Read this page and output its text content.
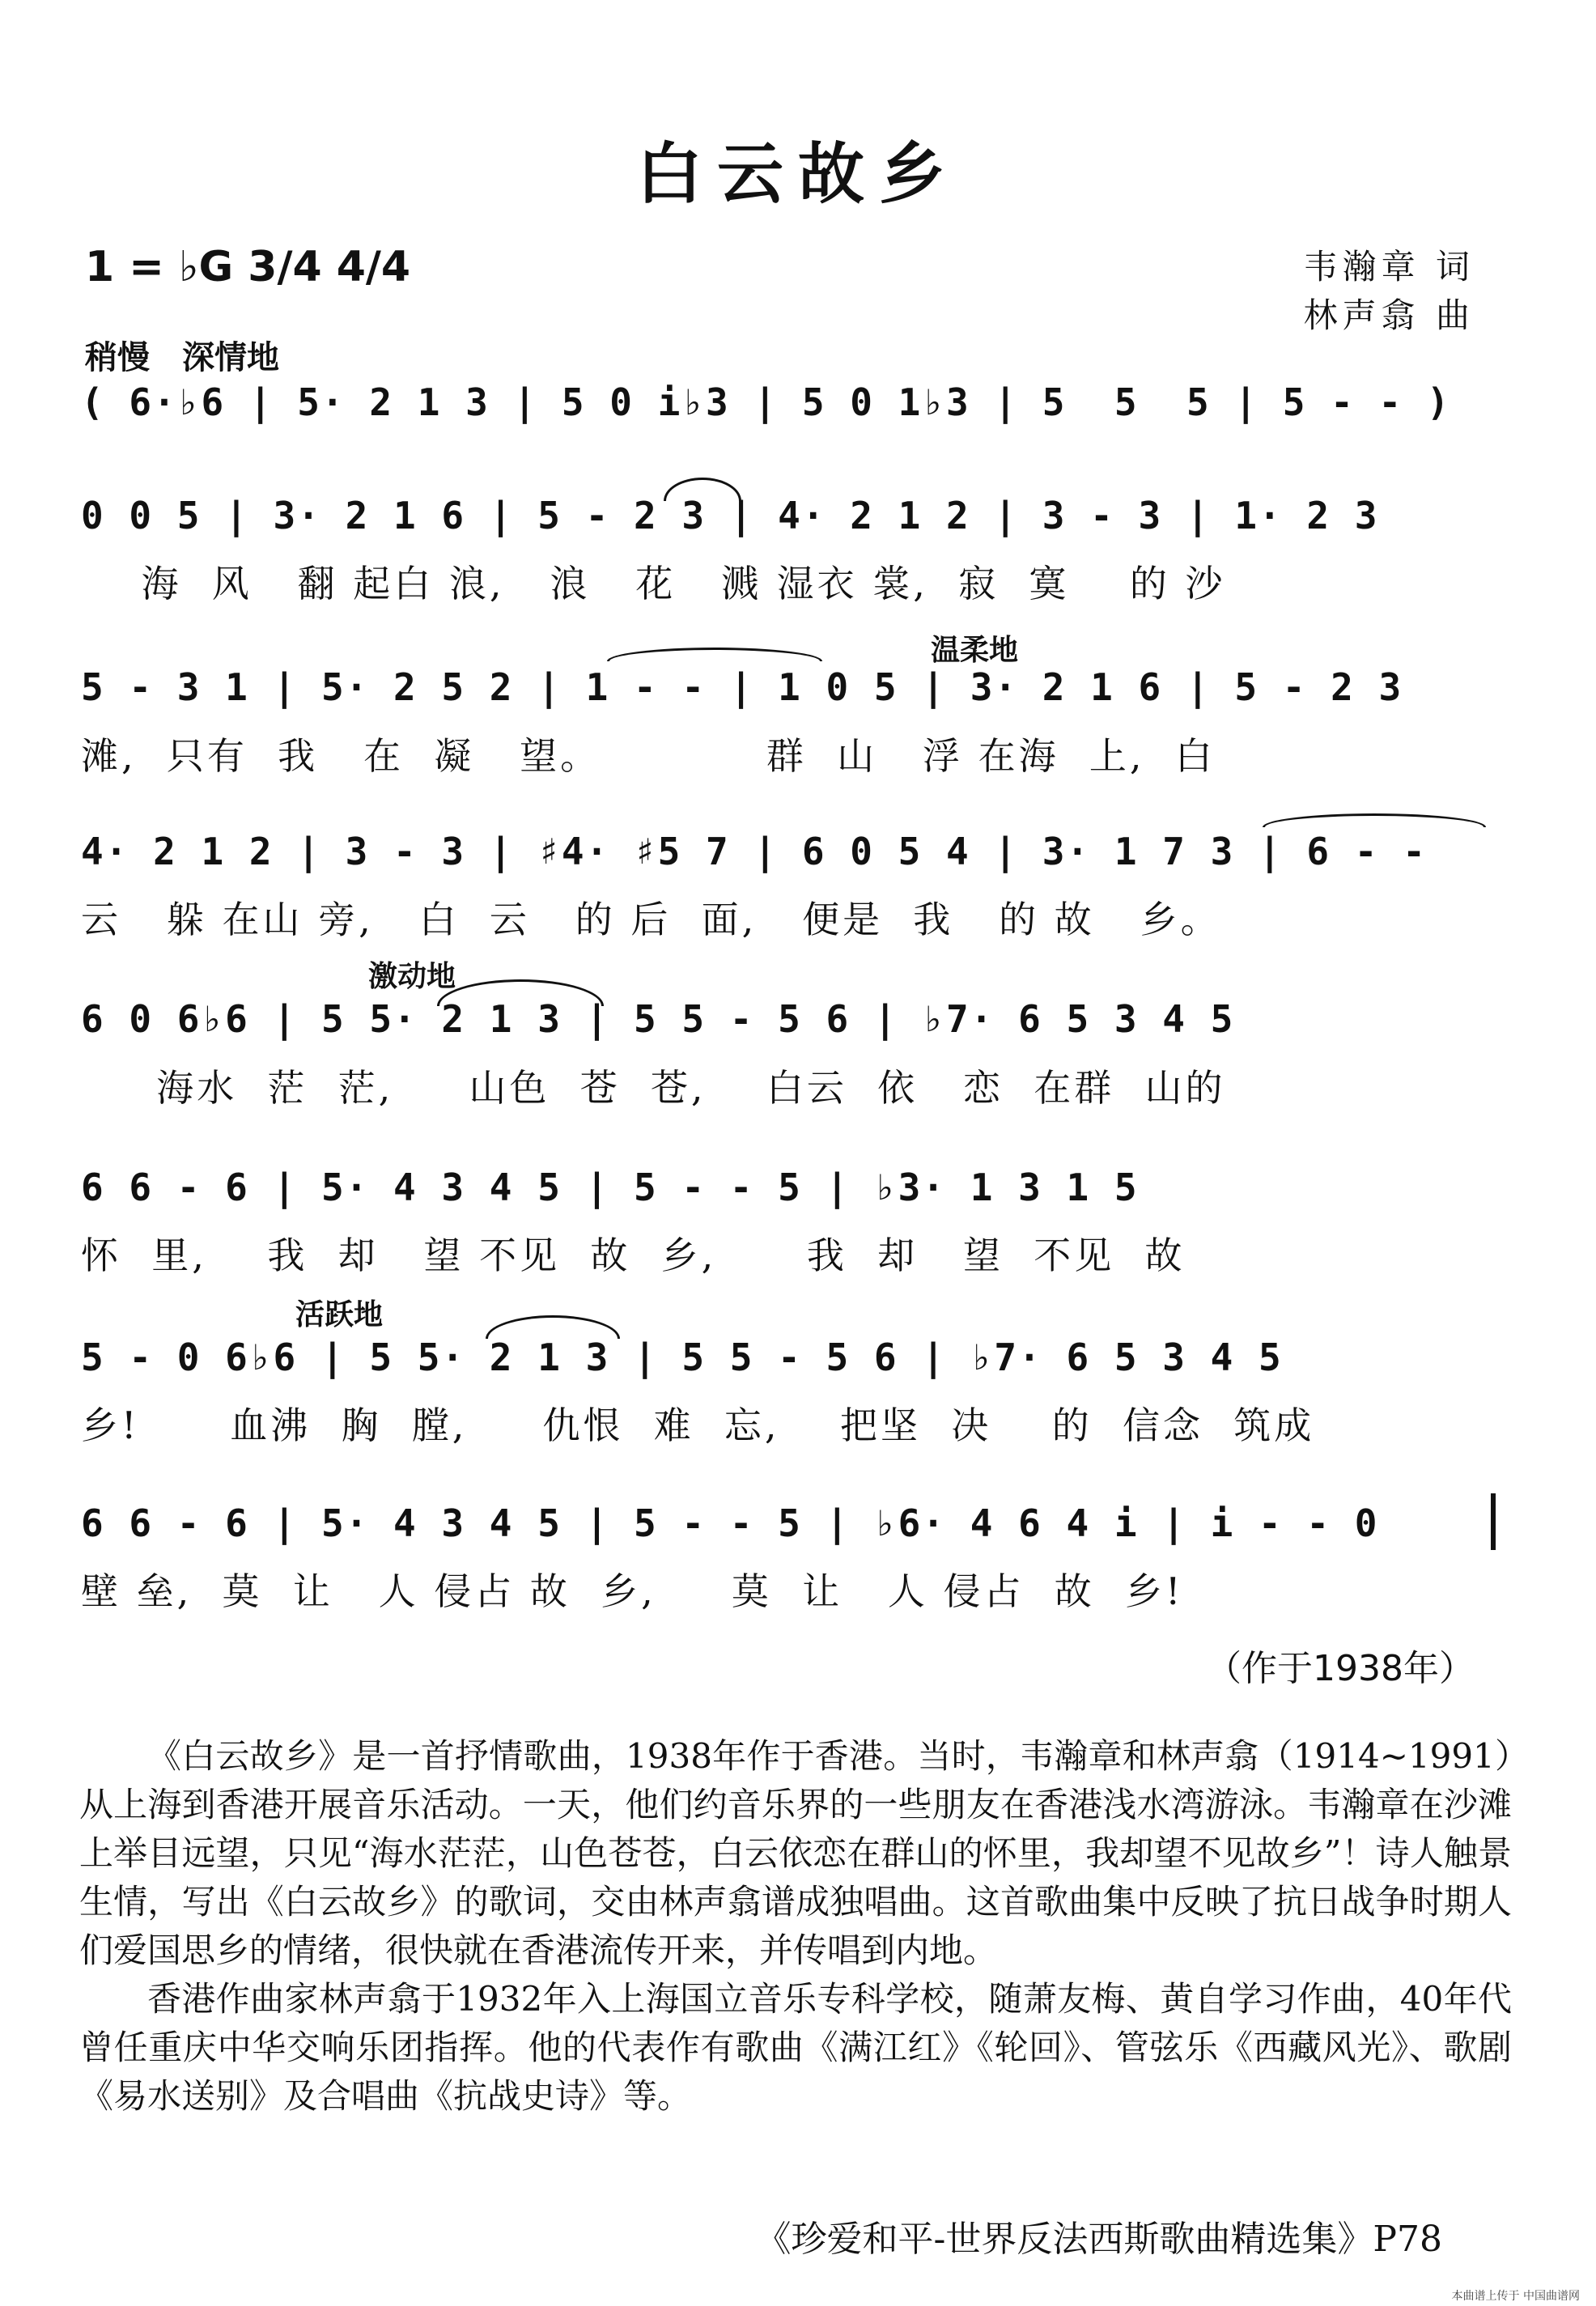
白云故乡
1 = ♭G 3/4 4/4	韦瀚章 词
林声翕 曲
稍慢　深情地
温柔地
激动地
活跃地
( 6·♭6 | 5· 2 1 3 | 5 0 i♭3 | 5 0 1♭3 | 5  5  5 | 5 - - )
0 0 5 | 3· 2 1 6 | 5 - 2 3 | 4· 2 1 2 | 3 - 3 | 1· 2 3
海  风   翻 起白 浪,   浪   花   溅 湿衣 裳,  寂  寞    的 沙
5 - 3 1 | 5· 2 5 2 | 1 - - | 1 0 5 | 3· 2 1 6 | 5 - 2 3
滩,  只有  我   在  凝   望。           群  山   浮 在海  上,  白
4· 2 1 2 | 3 - 3 | ♯4· ♯5 7 | 6 0 5 4 | 3· 1 7 3 | 6 - -
云   躲 在山 旁,   白  云   的 后  面,   便是  我   的 故   乡。
6 0 6♭6 | 5 5· 2 1 3 | 5 5 - 5 6 | ♭7· 6 5 3 4 5
海水  茫  茫,     山色  苍  苍,    白云  依   恋  在群  山的
6 6 - 6 | 5· 4 3 4 5 | 5 - - 5 | ♭3· 1 3 1 5
怀  里,    我  却   望 不见  故  乡,      我  却   望  不见  故
5 - 0 6♭6 | 5 5· 2 1 3 | 5 5 - 5 6 | ♭7· 6 5 3 4 5
乡!      血沸  胸  膛,     仇恨  难  忘,    把坚  决    的  信念  筑成
6 6 - 6 | 5· 4 3 4 5 | 5 - - 5 | ♭6· 4 6 4 i | i - - 0
壁 垒,  莫  让   人 侵占 故  乡,     莫  让   人 侵占  故  乡!
（作于1938年）

《白云故乡》是一首抒情歌曲，1938年作于香港。当时，韦瀚章和林声翕（1914~1991）从上海到香港开展音乐活动。一天，他们约音乐界的一些朋友在香港浅水湾游泳。韦瀚章在沙滩上举目远望，只见“海水茫茫，山色苍苍，白云依恋在群山的怀里，我却望不见故乡”！诗人触景生情，写出《白云故乡》的歌词，交由林声翕谱成独唱曲。这首歌曲集中反映了抗日战争时期人们爱国思乡的情绪，很快就在香港流传开来，并传唱到内地。

香港作曲家林声翕于1932年入上海国立音乐专科学校，随萧友梅、黄自学习作曲，40年代曾任重庆中华交响乐团指挥。他的代表作有歌曲《满江红》《轮回》、管弦乐《西藏风光》、歌剧《易水送别》及合唱曲《抗战史诗》等。

《珍爱和平-世界反法西斯歌曲精选集》P78
本曲谱上传于 中国曲谱网
